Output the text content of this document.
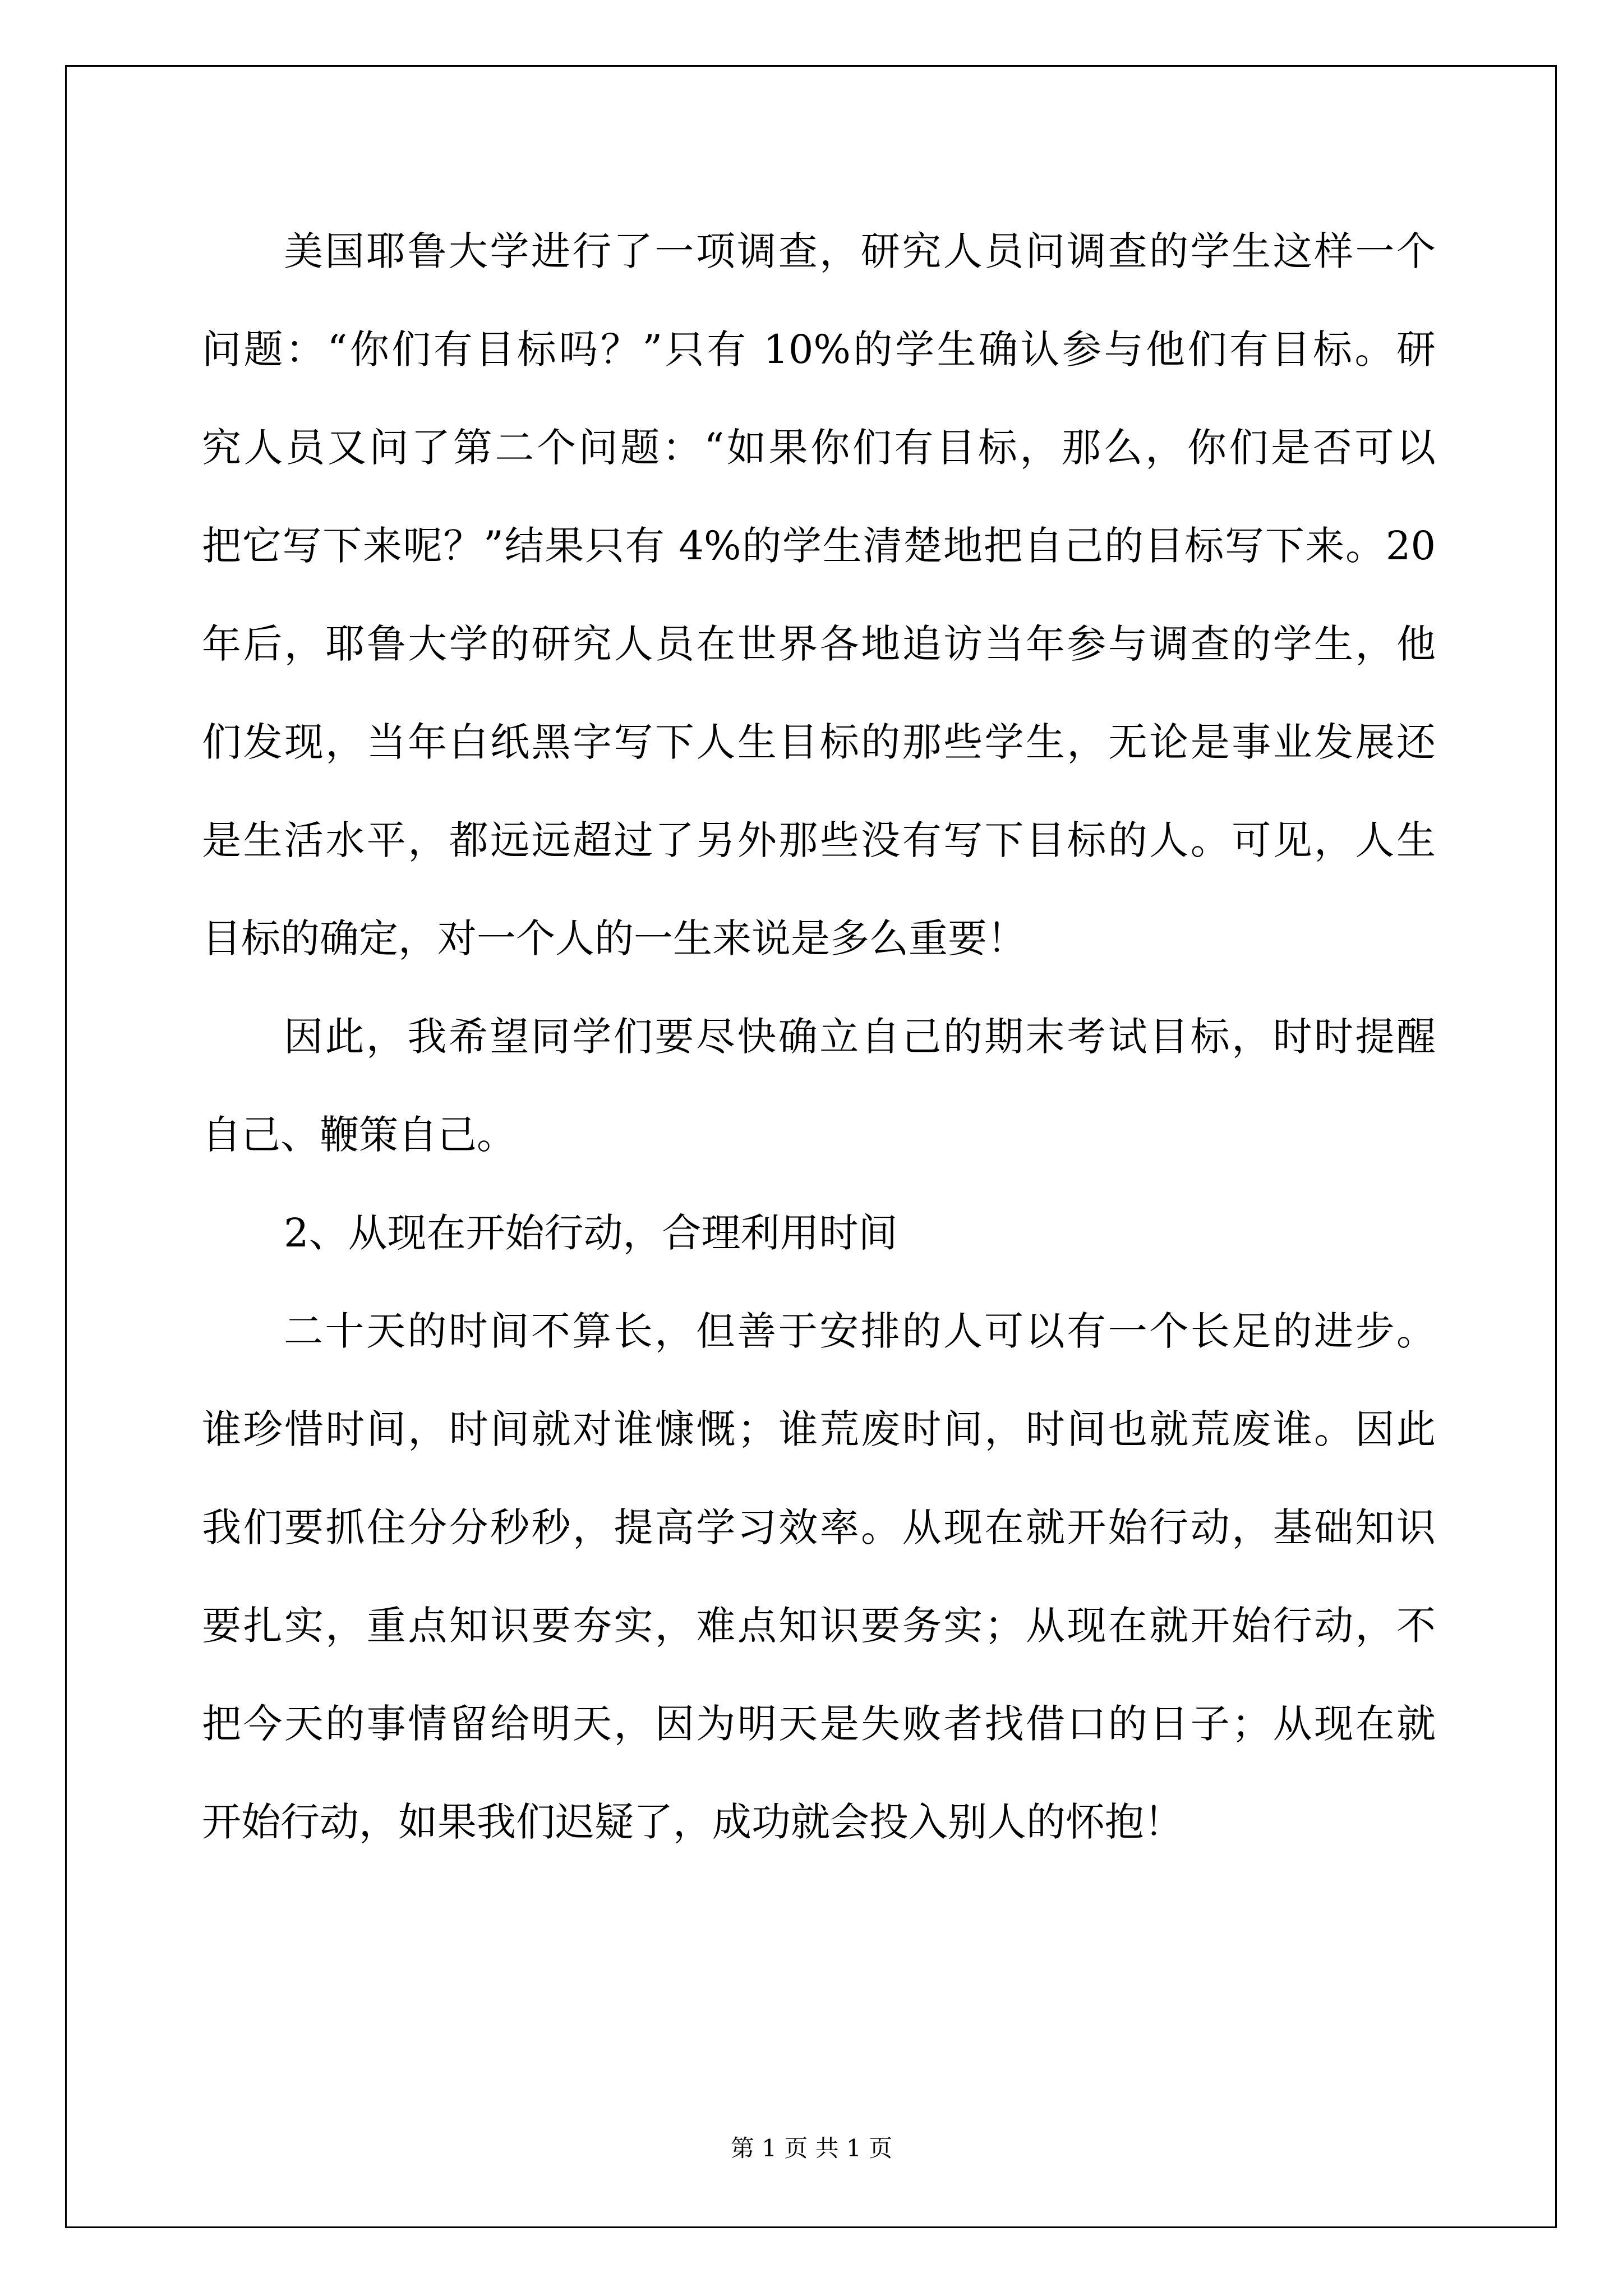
美国耶鲁大学进行了一项调查，研究人员问调查的学生这样一个
问题：“你们有目标吗？”只有 10%的学生确认参与他们有目标。研
究人员又问了第二个问题：“如果你们有目标，那么，你们是否可以
把它写下来呢？”结果只有 4%的学生清楚地把自己的目标写下来。20
年后，耶鲁大学的研究人员在世界各地追访当年参与调查的学生，他
们发现，当年白纸黑字写下人生目标的那些学生，无论是事业发展还
是生活水平，都远远超过了另外那些没有写下目标的人。可见，人生
目标的确定，对一个人的一生来说是多么重要！
因此，我希望同学们要尽快确立自己的期末考试目标，时时提醒
自己、鞭策自己。
2、从现在开始行动，合理利用时间
二十天的时间不算长，但善于安排的人可以有一个长足的进步。
谁珍惜时间，时间就对谁慷慨；谁荒废时间，时间也就荒废谁。因此
我们要抓住分分秒秒，提高学习效率。从现在就开始行动，基础知识
要扎实，重点知识要夯实，难点知识要务实；从现在就开始行动，不
把今天的事情留给明天，因为明天是失败者找借口的日子；从现在就
开始行动，如果我们迟疑了，成功就会投入别人的怀抱！
第 1 页 共 1 页
